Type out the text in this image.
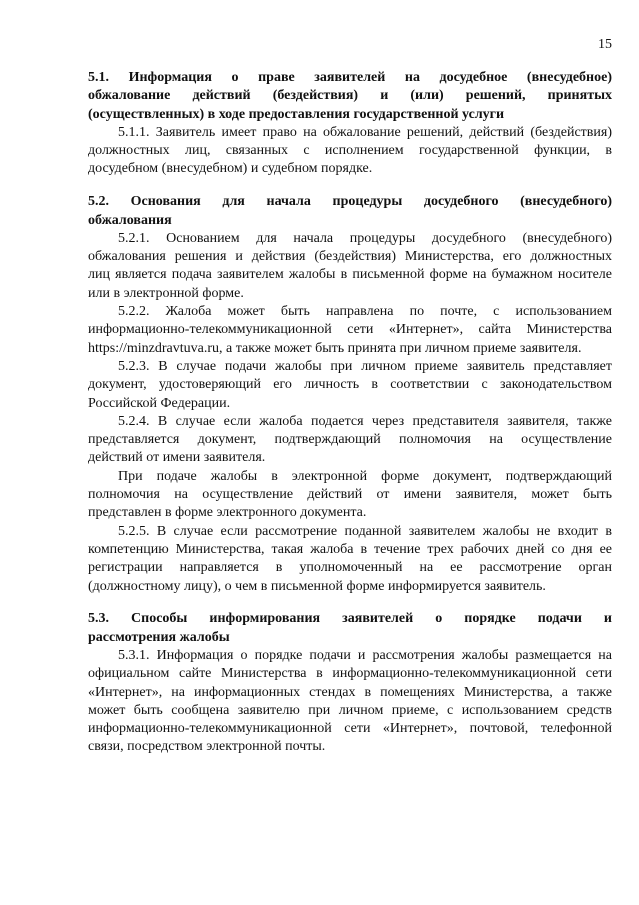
15
5.1. Информация о праве заявителей на досудебное (внесудебное)
обжалование действий (бездействия) и (или) решений, принятых
(осуществленных) в ходе предоставления государственной услуги
5.1.1. Заявитель имеет право на обжалование решений, действий (бездействия)
должностных лиц, связанных с исполнением государственной функции, в
досудебном (внесудебном) и судебном порядке.
5.2. Основания для начала процедуры досудебного (внесудебного)
обжалования
5.2.1. Основанием для начала процедуры досудебного (внесудебного)
обжалования решения и действия (бездействия) Министерства, его должностных
лиц является подача заявителем жалобы в письменной форме на бумажном носителе
или в электронной форме.
5.2.2. Жалоба может быть направлена по почте, с использованием
информационно-телекоммуникационной сети «Интернет», сайта Министерства
https://minzdravtuva.ru, а также может быть принята при личном приеме заявителя.
5.2.3. В случае подачи жалобы при личном приеме заявитель представляет
документ, удостоверяющий его личность в соответствии с законодательством
Российской Федерации.
5.2.4. В случае если жалоба подается через представителя заявителя, также
представляется документ, подтверждающий полномочия на осуществление
действий от имени заявителя.
При подаче жалобы в электронной форме документ, подтверждающий
полномочия на осуществление действий от имени заявителя, может быть
представлен в форме электронного документа.
5.2.5. В случае если рассмотрение поданной заявителем жалобы не входит в
компетенцию Министерства, такая жалоба в течение трех рабочих дней со дня ее
регистрации направляется в уполномоченный на ее рассмотрение орган
(должностному лицу), о чем в письменной форме информируется заявитель.
5.3. Способы информирования заявителей о порядке подачи и
рассмотрения жалобы
5.3.1. Информация о порядке подачи и рассмотрения жалобы размещается на
официальном сайте Министерства в информационно-телекоммуникационной сети
«Интернет», на информационных стендах в помещениях Министерства, а также
может быть сообщена заявителю при личном приеме, с использованием средств
информационно-телекоммуникационной сети «Интернет», почтовой, телефонной
связи, посредством электронной почты.
